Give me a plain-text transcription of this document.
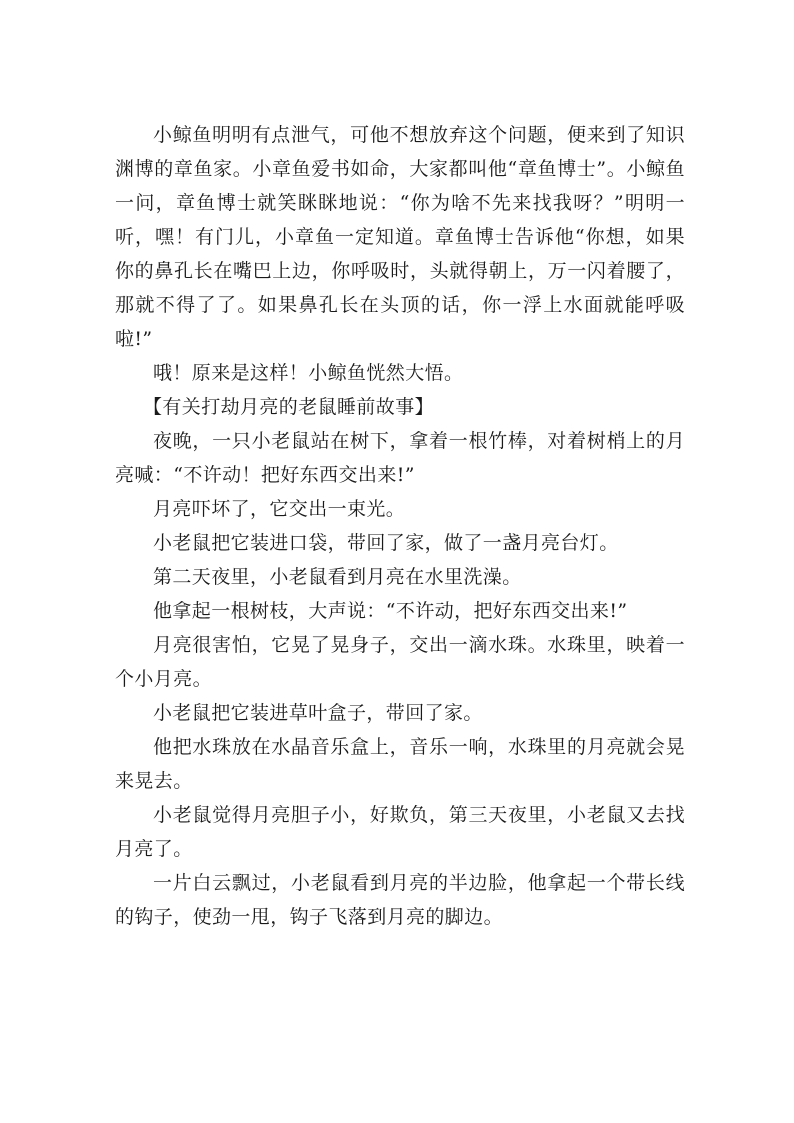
小鲸鱼明明有点泄气，可他不想放弃这个问题，便来到了知识渊博的章鱼家。小章鱼爱书如命，大家都叫他“章鱼博士”。小鲸鱼一问，章鱼博士就笑眯眯地说：“你为啥不先来找我呀？”明明一听，嘿！有门儿，小章鱼一定知道。章鱼博士告诉他“你想，如果你的鼻孔长在嘴巴上边，你呼吸时，头就得朝上，万一闪着腰了，那就不得了了。如果鼻孔长在头顶的话，你一浮上水面就能呼吸啦!”

哦！原来是这样！小鲸鱼恍然大悟。

【有关打劫月亮的老鼠睡前故事】

夜晚，一只小老鼠站在树下，拿着一根竹棒，对着树梢上的月亮喊：“不许动！把好东西交出来!”

月亮吓坏了，它交出一束光。

小老鼠把它装进口袋，带回了家，做了一盏月亮台灯。

第二天夜里，小老鼠看到月亮在水里洗澡。

他拿起一根树枝，大声说：“不许动，把好东西交出来!”

月亮很害怕，它晃了晃身子，交出一滴水珠。水珠里，映着一个小月亮。

小老鼠把它装进草叶盒子，带回了家。

他把水珠放在水晶音乐盒上，音乐一响，水珠里的月亮就会晃来晃去。

小老鼠觉得月亮胆子小，好欺负，第三天夜里，小老鼠又去找月亮了。

一片白云飘过，小老鼠看到月亮的半边脸，他拿起一个带长线的钩子，使劲一甩，钩子飞落到月亮的脚边。
